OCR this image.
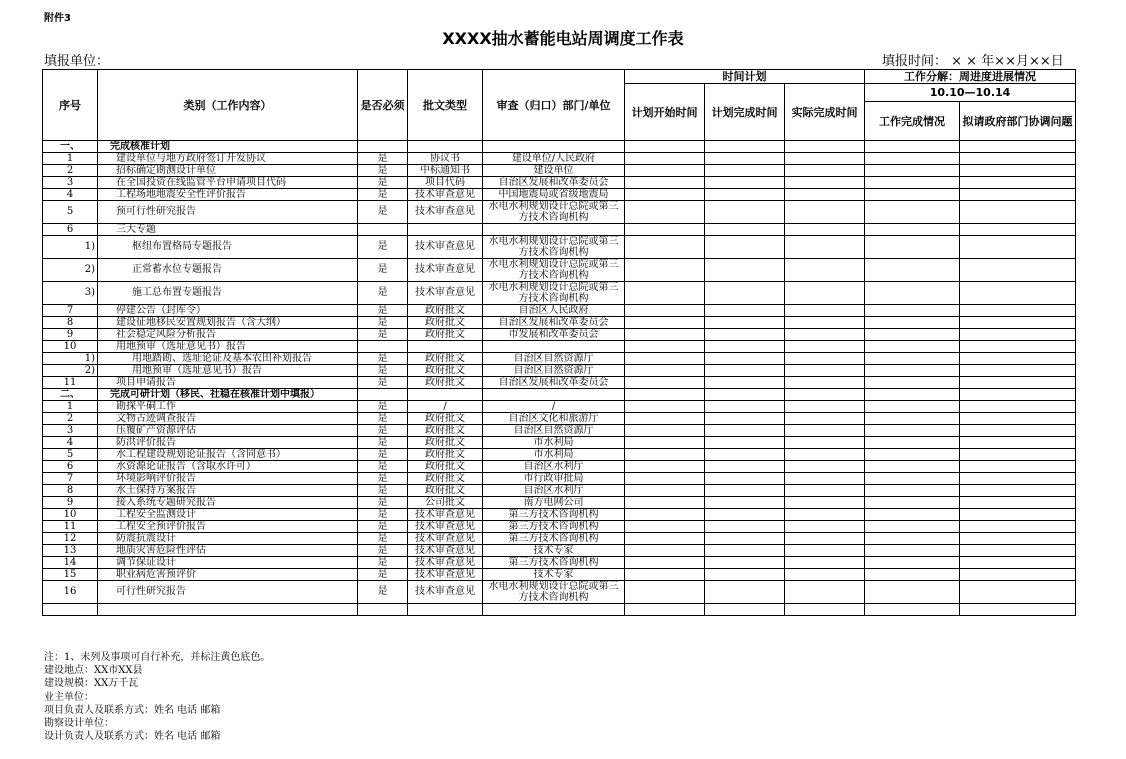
附件3
XXXX抽水蓄能电站周调度工作表
填报单位：	填报时间： × × 年××月××日
序号	类别（工作内容）	是否必须	批文类型	审查（归口）部门/单位	时间计划			工作分解：周进度进展情况	
					计划开始时间	计划完成时间	实际完成时间	10.10—10.14	
								工作完成情况	拟请政府部门协调问题
一、	完成核准计划								
1	建设单位与地方政府签订开发协议	是	协议书	建设单位/人民政府					
2	招标确定勘测设计单位	是	中标通知书	建设单位					
3	在全国投资在线监管平台申请项目代码	是	项目代码	自治区发展和改革委员会					
4	工程场地地震安全性评价报告	是	技术审查意见	中国地震局或省级地震局					
5	预可行性研究报告	是	技术审查意见	水电水利规划设计总院或第三方技术咨询机构					
6	三大专题								
1)	枢纽布置格局专题报告	是	技术审查意见	水电水利规划设计总院或第三方技术咨询机构					
2)	正常蓄水位专题报告	是	技术审查意见	水电水利规划设计总院或第三方技术咨询机构					
3)	施工总布置专题报告	是	技术审查意见	水电水利规划设计总院或第三方技术咨询机构					
7	停建公告（封库令）	是	政府批文	自治区人民政府					
8	建设征地移民安置规划报告（含大纲）	是	政府批文	自治区发展和改革委员会					
9	社会稳定风险分析报告	是	政府批文	市发展和改革委员会					
10	用地预审（选址意见书）报告								
1)	用地踏勘、选址论证及基本农田补划报告	是	政府批文	自治区自然资源厅					
2)	用地预审（选址意见书）报告	是	政府批文	自治区自然资源厅					
11	项目申请报告	是	政府批文	自治区发展和改革委员会					
二、	完成可研计划（移民、社稳在核准计划中填报）								
1	勘探平硐工作	是	/	/					
2	文物古迹调查报告	是	政府批文	自治区文化和旅游厅					
3	压覆矿产资源评估	是	政府批文	自治区自然资源厅					
4	防洪评价报告	是	政府批文	市水利局					
5	水工程建设规划论证报告（含同意书）	是	政府批文	市水利局					
6	水资源论证报告（含取水许可）	是	政府批文	自治区水利厅					
7	环境影响评价报告	是	政府批文	市行政审批局					
8	水土保持方案报告	是	政府批文	自治区水利厅					
9	接入系统专题研究报告	是	公司批文	南方电网公司					
10	工程安全监测设计	是	技术审查意见	第三方技术咨询机构					
11	工程安全预评价报告	是	技术审查意见	第三方技术咨询机构					
12	防震抗震设计	是	技术审查意见	第三方技术咨询机构					
13	地质灾害危险性评估	是	技术审查意见	技术专家					
14	调节保证设计	是	技术审查意见	第三方技术咨询机构					
15	职业病危害预评价	是	技术审查意见	技术专家					
16	可行性研究报告	是	技术审查意见	水电水利规划设计总院或第三方技术咨询机构					

注：1、未列及事项可自行补充，并标注黄色底色。
建设地点：XX市XX县
建设规模：XX万千瓦
业主单位：
项目负责人及联系方式：姓名 电话 邮箱
勘察设计单位：
设计负责人及联系方式：姓名 电话 邮箱
